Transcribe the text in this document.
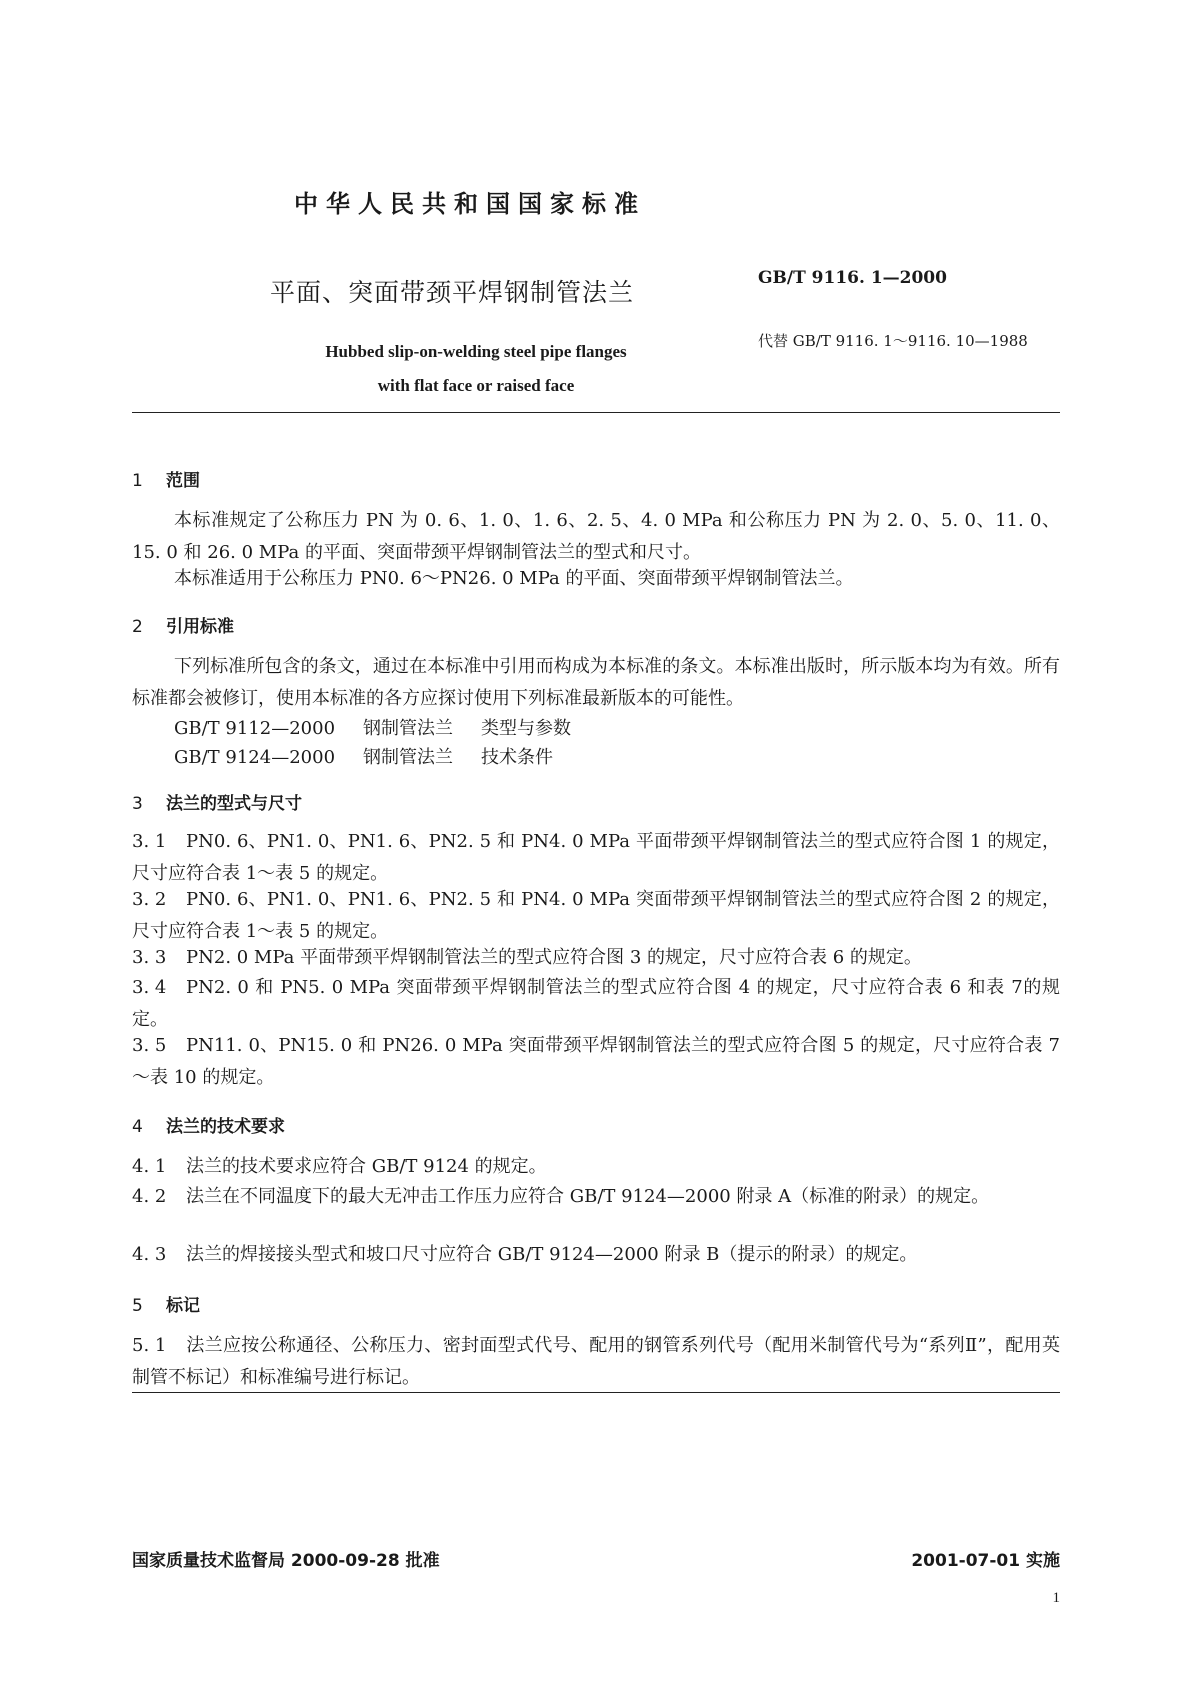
中华人民共和国国家标准
平面、突面带颈平焊钢制管法兰	GB/T 9116. 1—2000
Hubbed slip-on-welding steel pipe flanges
with flat face or raised face
代替 GB/T 9116. 1～9116. 10—1988
1 范围
本标准规定了公称压力 PN 为 0. 6、1. 0、1. 6、2. 5、4. 0 MPa 和公称压力 PN 为 2. 0、5. 0、11. 0、15. 0 和 26. 0 MPa 的平面、突面带颈平焊钢制管法兰的型式和尺寸。
本标准适用于公称压力 PN0. 6～PN26. 0 MPa 的平面、突面带颈平焊钢制管法兰。
2 引用标准
下列标准所包含的条文，通过在本标准中引用而构成为本标准的条文。本标准出版时，所示版本均为有效。所有标准都会被修订，使用本标准的各方应探讨使用下列标准最新版本的可能性。
GB/T 9112—2000 钢制管法兰 类型与参数
GB/T 9124—2000 钢制管法兰 技术条件
3 法兰的型式与尺寸
3. 1 PN0. 6、PN1. 0、PN1. 6、PN2. 5 和 PN4. 0 MPa 平面带颈平焊钢制管法兰的型式应符合图 1 的规定，尺寸应符合表 1～表 5 的规定。
3. 2 PN0. 6、PN1. 0、PN1. 6、PN2. 5 和 PN4. 0 MPa 突面带颈平焊钢制管法兰的型式应符合图 2 的规定，尺寸应符合表 1～表 5 的规定。
3. 3 PN2. 0 MPa 平面带颈平焊钢制管法兰的型式应符合图 3 的规定，尺寸应符合表 6 的规定。
3. 4 PN2. 0 和 PN5. 0 MPa 突面带颈平焊钢制管法兰的型式应符合图 4 的规定，尺寸应符合表 6 和表 7的规定。
3. 5 PN11. 0、PN15. 0 和 PN26. 0 MPa 突面带颈平焊钢制管法兰的型式应符合图 5 的规定，尺寸应符合表 7～表 10 的规定。
4 法兰的技术要求
4. 1 法兰的技术要求应符合 GB/T 9124 的规定。
4. 2 法兰在不同温度下的最大无冲击工作压力应符合 GB/T 9124—2000 附录 A（标准的附录）的规定。
4. 3 法兰的焊接接头型式和坡口尺寸应符合 GB/T 9124—2000 附录 B（提示的附录）的规定。
5 标记
5. 1 法兰应按公称通径、公称压力、密封面型式代号、配用的钢管系列代号（配用米制管代号为“系列Ⅱ”，配用英制管不标记）和标准编号进行标记。
国家质量技术监督局 2000-09-28 批准	2001-07-01 实施
1
